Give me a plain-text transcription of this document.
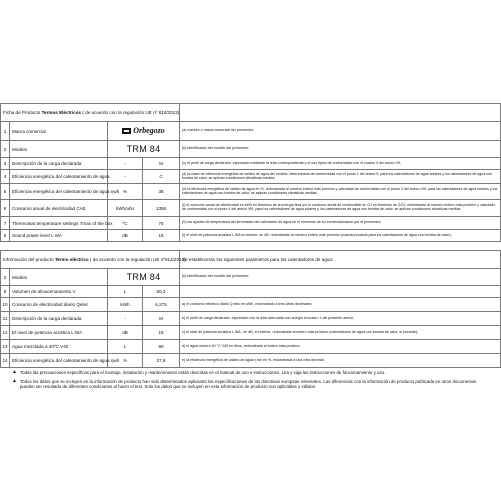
Ficha de Producto Termos Eléctricos ( de acuerdo con la regulación UE nº 812/2013)				
1	Marca comercial	Orbegozo		(a) nombre o marca comercial del proveedor;
2	Modelo	TRM 84		(b) identificador del modelo del proveedor;
3	Descripción de la carga declarada	-	M	(c) el perfil de carga declarado, expresado mediante la letra correspondiente y el uso típico de conformidad con el cuadro 3 del anexo VII;
4	Eficiencia energética del calentamiento de agua	-	C	(d) la clase de eficiencia energética de caldeo de agua del modelo, determinada de conformidad con el punto 1 del anexo II; para los calentadores de agua solares y los calentadores de agua con bomba de calor, se aplican condiciones climáticas medias;
5	Eficiencia energética del calentamiento de agua ηwh	%	38	(e) la eficiencia energética de caldeo de agua en %, redondeada al número entero más próximo y calculada de conformidad con el punto 3 del anexo VIII; para los calentadores de agua solares y los calentadores de agua con bomba de calor, se aplican condiciones climáticas medias;
6	Consumo anual de electricidad CAE	kWh/año	1356	(f) el consumo anual de electricidad en kWh en términos de la energía final y/o el consumo anual de combustible en GJ en términos de GCV, redondeado al número entero más próximo y calculado de conformidad con el punto 4 del anexo VIII; para los calentadores de agua solares y los calentadores de agua con bomba de calor, se aplican condiciones climáticas medias;
7	Thermostat temperature settings Tmax of the box	ºC	75	(h) los ajustes de temperatura del termostato del calentador de agua en el momento de su comercialización por el proveedor;
8	Sound power level L WA	dB	15	(i) el nivel de potencia acústica L WA en interior, en dB, redondeado al número entero más próximo (cuando proceda para los calentadores de agua con bomba de calor);
Información del producto Termo eléctrico ( de acuerdo con la regulación UE nº814/2013)				Se establecerán los siguientes parámetros para los calentadores de agua:
2	Modelo	TRM 84		(b) identificador del modelo del proveedor;
9	Volumen de almacenamiento V	L	80,3	
10	Consumo de electricidad diario Qelec	kWh	6,275	a) el consumo eléctrico diario Q elec en kWh, redondeado a tres cifras decimales;
11	Descripción de la carga declarada	-	M	b) el perfil de carga declarado, expresado con la letra adecuada con arreglo al cuadro 1 del presente anexo;
12	El nivel de potencia acústica L WA	dB	15	c) el nivel de potencia acústica L WA , en dB, en interior, redondeado al entero más próximo (calentadores de agua con bomba de calor, si procede);
13	Agua mezclada a 40ºC V40	L	90	d) el agua mixta a 40 °C V40 en litros, redondeado al entero más próximo;
14	Eficiencia energética del calentamiento de agua ηwh	%	37,8	e) la eficiencia energética de caldeo de agua η wh en %, redondeada a una cifra decimal;
▲ Todas las precauciones específicas para el montaje, instalación y mantenimiento están descritas en el manual de uso e instrucciones. Lea y siga las instrucciones de funcionamiento y uso.
▲ Todos los datos que se incluyen en la información de producto han sido determinados aplicando las especificaciones de las directivas europeas relevantes. Las diferencias con la información de producto publicada en otros documentos pueden ser resultado de diferentes condiciones al hacer el test. Solo los datos que se incluyen en esta información de producto son aplicables y válidos.
